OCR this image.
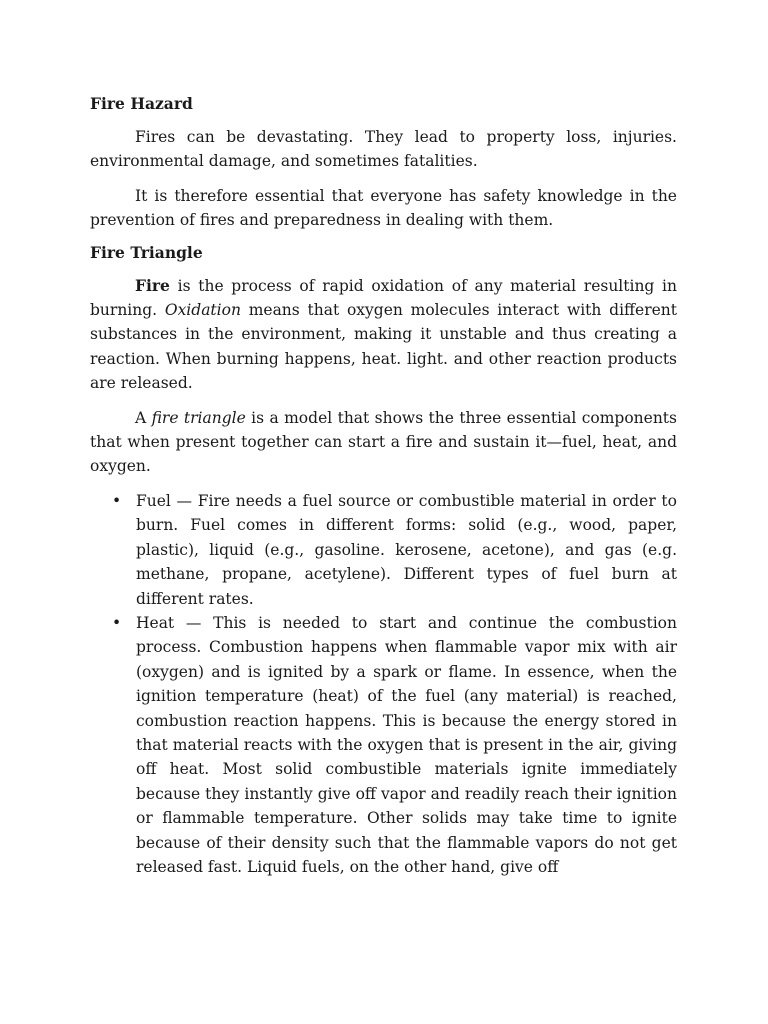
Fire Hazard

Fires can be devastating. They lead to property loss, injuries. environmental damage, and sometimes fatalities.

It is therefore essential that everyone has safety knowledge in the prevention of fires and preparedness in dealing with them.

Fire Triangle

Fire is the process of rapid oxidation of any material resulting in burning. Oxidation means that oxygen molecules interact with different substances in the environment, making it unstable and thus creating a reaction. When burning happens, heat. light. and other reaction products are released.

A fire triangle is a model that shows the three essential components that when present together can start a fire and sustain it—fuel, heat, and oxygen.

• Fuel — Fire needs a fuel source or combustible material in order to burn. Fuel comes in different forms: solid (e.g., wood, paper, plastic), liquid (e.g., gasoline. kerosene, acetone), and gas (e.g. methane, propane, acetylene). Different types of fuel burn at different rates.
• Heat — This is needed to start and continue the combustion process. Combustion happens when flammable vapor mix with air (oxygen) and is ignited by a spark or flame. In essence, when the ignition temperature (heat) of the fuel (any material) is reached, combustion reaction happens. This is because the energy stored in that material reacts with the oxygen that is present in the air, giving off heat. Most solid combustible materials ignite immediately because they instantly give off vapor and readily reach their ignition or flammable temperature. Other solids may take time to ignite because of their density such that the flammable vapors do not get released fast. Liquid fuels, on the other hand, give off
